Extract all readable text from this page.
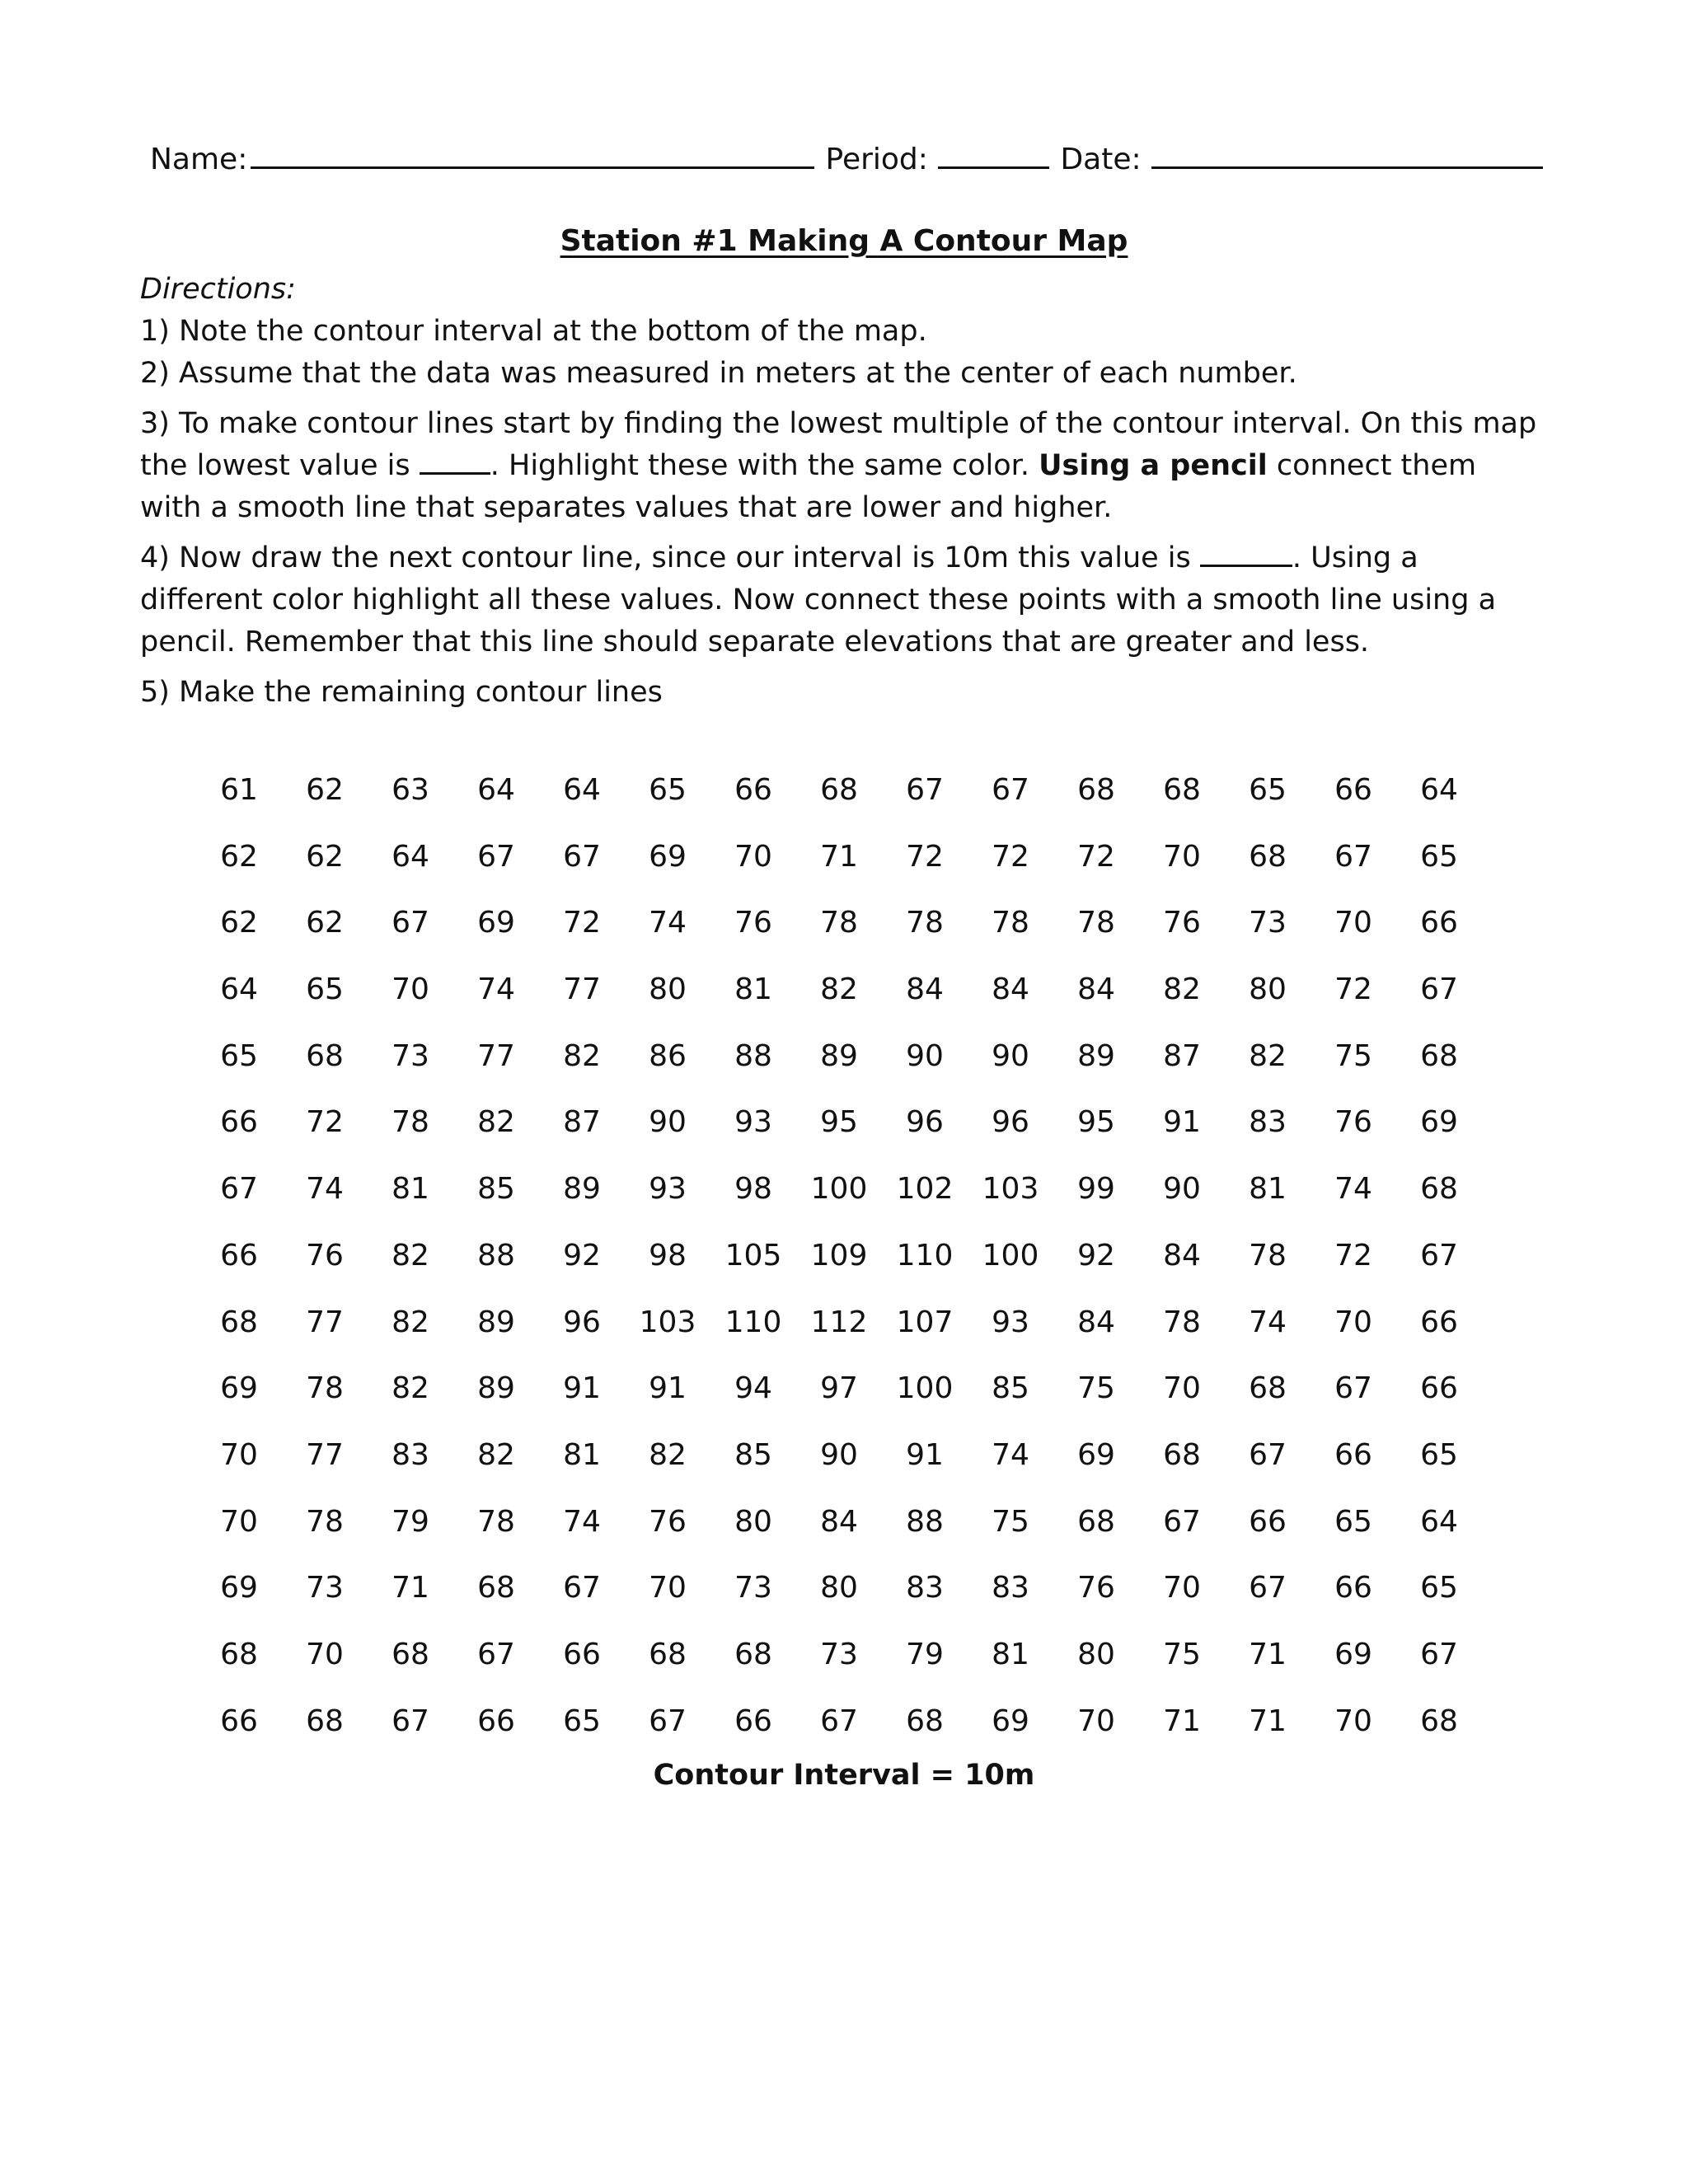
Name:	Period:	Date:
Station #1 Making A Contour Map

Directions:

1) Note the contour interval at the bottom of the map.

2) Assume that the data was measured in meters at the center of each number.

3) To make contour lines start by finding the lowest multiple of the contour interval. On this map the lowest value is . Highlight these with the same color. Using a pencil connect them with a smooth line that separates values that are lower and higher.

4) Now draw the next contour line, since our interval is 10m this value is	. Using a different color highlight all these values. Now connect these points with a smooth line using a pencil. Remember that this line should separate elevations that are greater and less.

5) Make the remaining contour lines

61	62	63	64	64	65	66	68	67	67	68	68	65	66	64
62	62	64	67	67	69	70	71	72	72	72	70	68	67	65
62	62	67	69	72	74	76	78	78	78	78	76	73	70	66
64	65	70	74	77	80	81	82	84	84	84	82	80	72	67
65	68	73	77	82	86	88	89	90	90	89	87	82	75	68
66	72	78	82	87	90	93	95	96	96	95	91	83	76	69
67	74	81	85	89	93	98	100 102 103	99	90	81	74	68
66	76	82	88	92	98	105 109 110 100	92	84	78	72	67
68	77	82	89	96	103 110 112 107	93	84	78	74	70	66
69	78	82	89	91	91	94	97	100	85	75	70	68	67	66
70	77	83	82	81	82	85	90	91	74	69	68	67	66	65
70	78	79	78	74	76	80	84	88	75	68	67	66	65	64
69	73	71	68	67	70	73	80	83	83	76	70	67	66	65
68	70	68	67	66	68	68	73	79	81	80	75	71	69	67
66	68	67	66	65	67	66	67	68	69	70	71	71	70	68
Contour Interval = 10m
